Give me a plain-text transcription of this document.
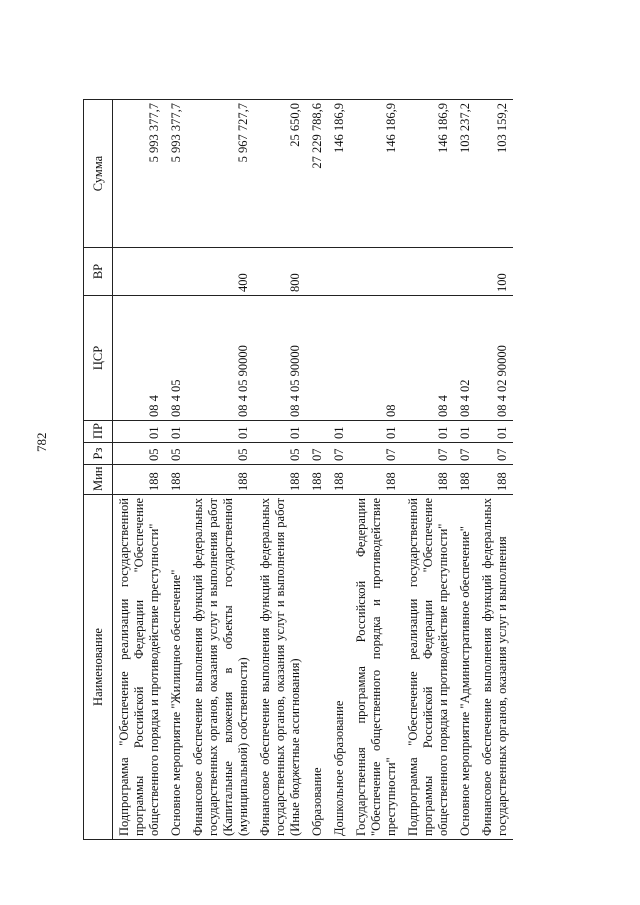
782
Наименование	Мин	Рз	ПР	ЦСР	ВР	Сумма
Подпрограмма "Обеспечение реализации государственной программы Российской Федерации "Обеспечение общественного порядка и противодействие преступности"	188	05	01	08 4		5 993 377,7
Основное мероприятие "Жилищное обеспечение"	188	05	01	08 4 05		5 993 377,7
Финансовое обеспечение выполнения функций федеральных государственных органов, оказания услуг и выполнения работ (Капитальные вложения в объекты государственной (муниципальной) собственности)	188	05	01	08 4 05 90000	400	5 967 727,7
Финансовое обеспечение выполнения функций федеральных государственных органов, оказания услуг и выполнения работ (Иные бюджетные ассигнования)	188	05	01	08 4 05 90000	800	25 650,0
Образование	188	07				27 229 788,6
Дошкольное образование	188	07	01			146 186,9
Государственная программа Российской Федерации "Обеспечение общественного порядка и противодействие преступности"	188	07	01	08		146 186,9
Подпрограмма "Обеспечение реализации государственной программы Российской Федерации "Обеспечение общественного порядка и противодействие преступности"	188	07	01	08 4		146 186,9
Основное мероприятие "Административное обеспечение"	188	07	01	08 4 02		103 237,2
Финансовое обеспечение выполнения функций федеральных государственных органов, оказания услуг и выполнения	188	07	01	08 4 02 90000	100	103 159,2
